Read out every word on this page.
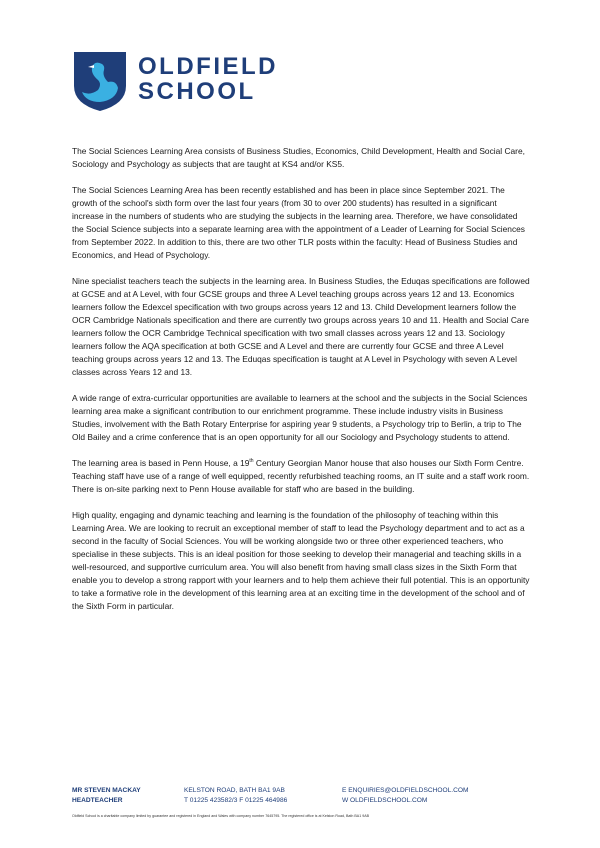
OLDFIELD
SCHOOL

The Social Sciences Learning Area consists of Business Studies, Economics, Child Development, Health and Social Care, Sociology and Psychology as subjects that are taught at KS4 and/or KS5.

The Social Sciences Learning Area has been recently established and has been in place since September 2021. The growth of the school's sixth form over the last four years (from 30 to over 200 students) has resulted in a significant increase in the numbers of students who are studying the subjects in the learning area. Therefore, we have consolidated the Social Science subjects into a separate learning area with the appointment of a Leader of Learning for Social Sciences from September 2022. In addition to this, there are two other TLR posts within the faculty: Head of Business Studies and Economics, and Head of Psychology.

Nine specialist teachers teach the subjects in the learning area. In Business Studies, the Eduqas specifications are followed at GCSE and at A Level, with four GCSE groups and three A Level teaching groups across years 12 and 13. Economics learners follow the Edexcel specification with two groups across years 12 and 13. Child Development learners follow the OCR Cambridge Nationals specification and there are currently two groups across years 10 and 11. Health and Social Care learners follow the OCR Cambridge Technical specification with two small classes across years 12 and 13. Sociology learners follow the AQA specification at both GCSE and A Level and there are currently four GCSE and three A Level teaching groups across years 12 and 13. The Eduqas specification is taught at A Level in Psychology with seven A Level classes across Years 12 and 13.

A wide range of extra-curricular opportunities are available to learners at the school and the subjects in the Social Sciences learning area make a significant contribution to our enrichment programme. These include industry visits in Business Studies, involvement with the Bath Rotary Enterprise for aspiring year 9 students, a Psychology trip to Berlin, a trip to The Old Bailey and a crime conference that is an open opportunity for all our Sociology and Psychology students to attend.

The learning area is based in Penn House, a 19th Century Georgian Manor house that also houses our Sixth Form Centre. Teaching staff have use of a range of well equipped, recently refurbished teaching rooms, an IT suite and a staff work room. There is on-site parking next to Penn House available for staff who are based in the building.

High quality, engaging and dynamic teaching and learning is the foundation of the philosophy of teaching within this Learning Area. We are looking to recruit an exceptional member of staff to lead the Psychology department and to act as a second in the faculty of Social Sciences. You will be working alongside two or three other experienced teachers, who specialise in these subjects. This is an ideal position for those seeking to develop their managerial and teaching skills in a well-resourced, and supportive curriculum area. You will also benefit from having small class sizes in the Sixth Form that enable you to develop a strong rapport with your learners and to help them achieve their full potential. This is an opportunity to take a formative role in the development of this learning area at an exciting time in the development of the school and of the Sixth Form in particular.

MR STEVEN MACKAY
HEADTEACHER
KELSTON ROAD, BATH BA1 9AB
T 01225 423582/3 F 01225 464986
E ENQUIRIES@OLDFIELDSCHOOL.COM
W OLDFIELDSCHOOL.COM
Oldfield School is a charitable company limited by guarantee and registered in England and Wales with company number 7645795. The registered office is at Kelston Road, Bath BA1 9AB
